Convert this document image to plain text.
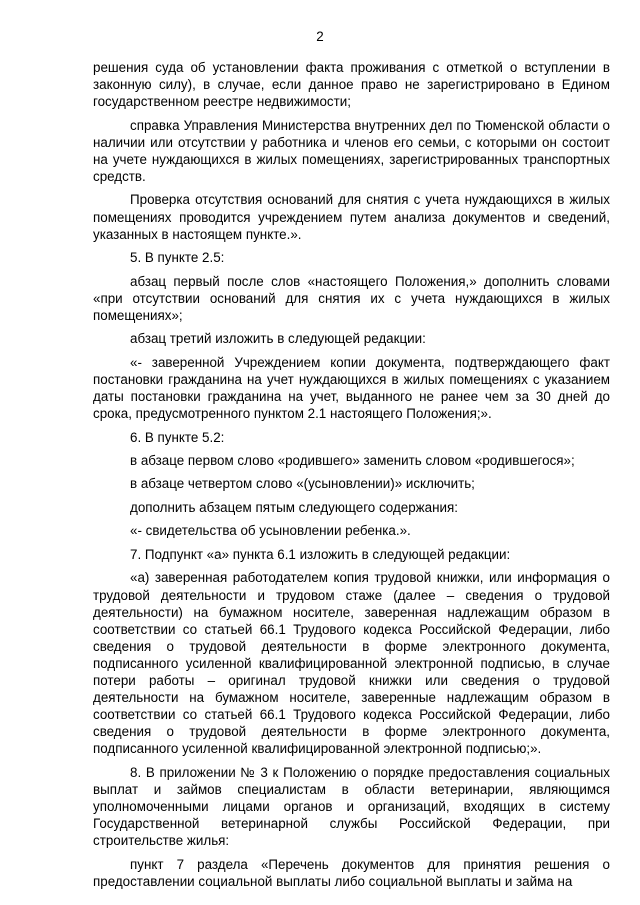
2

решения суда об установлении факта проживания с отметкой о вступлении в законную силу), в случае, если данное право не зарегистрировано в Едином государственном реестре недвижимости;

справка Управления Министерства внутренних дел по Тюменской области о наличии или отсутствии у работника и членов его семьи, с которыми он состоит на учете нуждающихся в жилых помещениях, зарегистрированных транспортных средств.

Проверка отсутствия оснований для снятия с учета нуждающихся в жилых помещениях проводится учреждением путем анализа документов и сведений, указанных в настоящем пункте.».

5. В пункте 2.5:

абзац первый после слов «настоящего Положения,» дополнить словами «при отсутствии оснований для снятия их с учета нуждающихся в жилых помещениях»;

абзац третий изложить в следующей редакции:

«- заверенной Учреждением копии документа, подтверждающего факт постановки гражданина на учет нуждающихся в жилых помещениях с указанием даты постановки гражданина на учет, выданного не ранее чем за 30 дней до срока, предусмотренного пунктом 2.1 настоящего Положения;».

6. В пункте 5.2:

в абзаце первом слово «родившего» заменить словом «родившегося»;

в абзаце четвертом слово «(усыновлении)» исключить;

дополнить абзацем пятым следующего содержания:

«- свидетельства об усыновлении ребенка.».

7. Подпункт «а» пункта 6.1 изложить в следующей редакции:

«а) заверенная работодателем копия трудовой книжки, или информация о трудовой деятельности и трудовом стаже (далее – сведения о трудовой деятельности) на бумажном носителе, заверенная надлежащим образом в соответствии со статьей 66.1 Трудового кодекса Российской Федерации, либо сведения о трудовой деятельности в форме электронного документа, подписанного усиленной квалифицированной электронной подписью, в случае потери работы – оригинал трудовой книжки или сведения о трудовой деятельности на бумажном носителе, заверенные надлежащим образом в соответствии со статьей 66.1 Трудового кодекса Российской Федерации, либо сведения о трудовой деятельности в форме электронного документа, подписанного усиленной квалифицированной электронной подписью;».

8. В приложении № 3 к Положению о порядке предоставления социальных выплат и займов специалистам в области ветеринарии, являющимся уполномоченными лицами органов и организаций, входящих в систему Государственной ветеринарной службы Российской Федерации, при строительстве жилья:

пункт 7 раздела «Перечень документов для принятия решения о предоставлении социальной выплаты либо социальной выплаты и займа на
